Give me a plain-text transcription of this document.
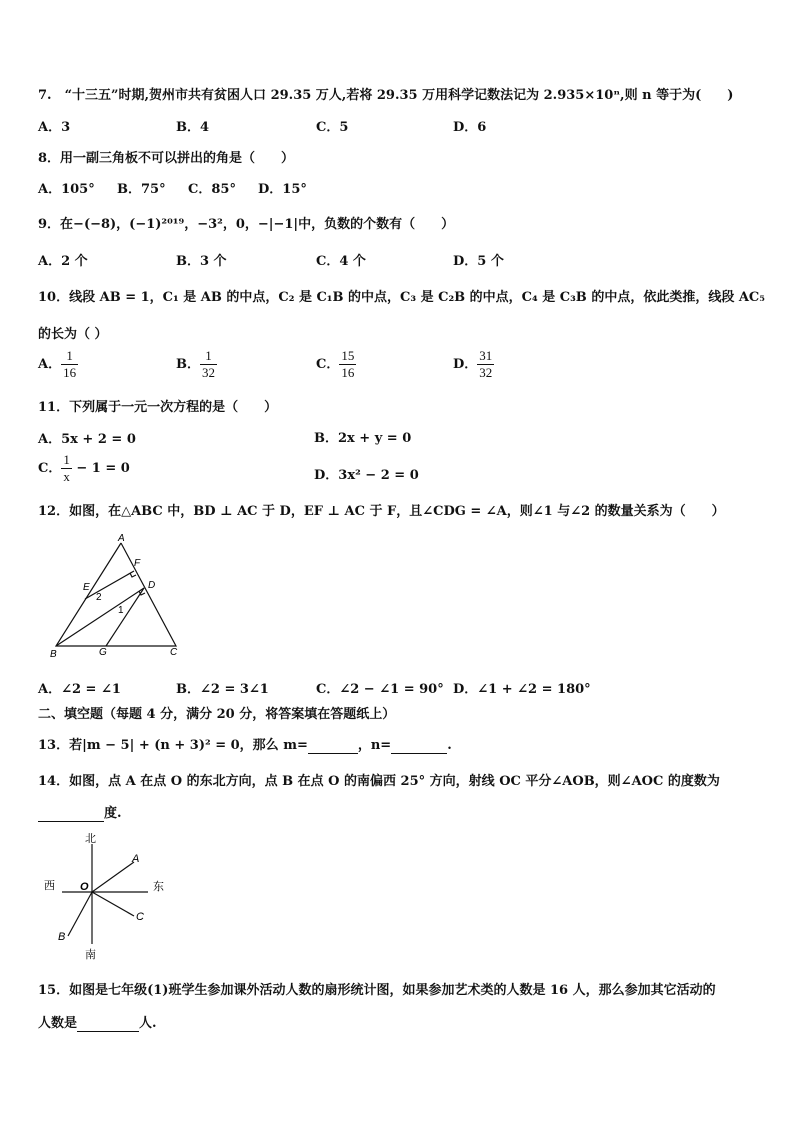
7.　“十三五”时期,贺州市共有贫困人口 29.35 万人,若将 29.35 万用科学记数法记为 2.935×10ⁿ,则 n 等于为(　　)
A．3	B．4	C．5	D．6
8．用一副三角板不可以拼出的角是（　　）
A．105° B．75° C．85° D．15°
9．在−(−8)，(−1)²⁰¹⁹，−3²，0，−|−1|中，负数的个数有（　　）
A．2 个	B．3 个	C．4 个	D．5 个
10．线段 AB = 1，C₁ 是 AB 的中点，C₂ 是 C₁B 的中点，C₃ 是 C₂B 的中点，C₄ 是 C₃B 的中点，依此类推，线段 AC₅
的长为（ ）
A． $\frac{1}{16}$	B． $\frac{1}{32}$	C． $\frac{15}{16}$	D． $\frac{31}{32}$
11．下列属于一元一次方程的是（　　）
A．5x + 2 = 0	B．2x + y = 0
C． $\frac{1}{x} - 1 = 0$	D．3x² − 2 = 0
12．如图，在△ABC 中，BD ⊥ AC 于 D，EF ⊥ AC 于 F，且∠CDG = ∠A，则∠1 与∠2 的数量关系为（　　）
A
F
E	D
2
1
B	G	C
A．∠2 = ∠1	B．∠2 = 3∠1	C．∠2 − ∠1 = 90° D．∠1 + ∠2 = 180°
二、填空题（每题 4 分，满分 20 分，将答案填在答题纸上）
13．若|m − 5| + (n + 3)² = 0，那么 m=	，n=	.
14．如图，点 A 在点 O 的东北方向，点 B 在点 O 的南偏西 25° 方向，射线 OC 平分∠AOB，则∠AOC 的度数为
度.
北
西 O	东
A
C
B
南
15．如图是七年级(1)班学生参加课外活动人数的扇形统计图，如果参加艺术类的人数是 16 人，那么参加其它活动的
人数是	人.
